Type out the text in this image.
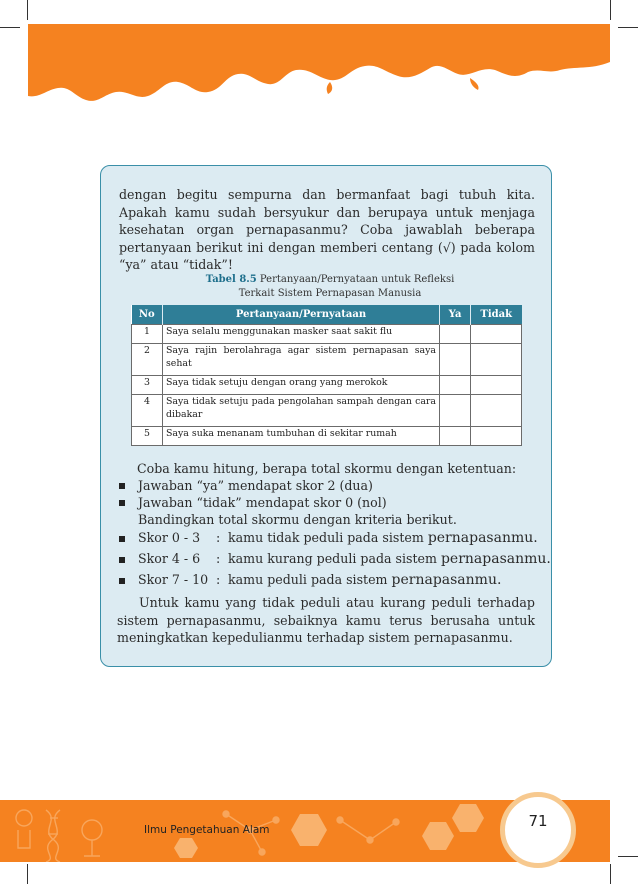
dengan begitu sempurna dan bermanfaat bagi tubuh kita. Apakah kamu sudah bersyukur dan berupaya untuk menjaga kesehatan organ pernapasanmu? Coba jawablah beberapa pertanyaan berikut ini dengan memberi centang (√) pada kolom “ya” atau “tidak”!
Tabel 8.5 Pertanyaan/Pernyataan untuk Refleksi
Terkait Sistem Pernapasan Manusia
No	Pertanyaan/Pernyataan	Ya	Tidak
1	Saya selalu menggunakan masker saat sakit flu		
2	Saya rajin berolahraga agar sistem pernapasan saya sehat		
3	Saya tidak setuju dengan orang yang merokok		
4	Saya tidak setuju pada pengolahan sampah dengan cara dibakar		
5	Saya suka menanam tumbuhan di sekitar rumah		
Coba kamu hitung, berapa total skormu dengan ketentuan:
Jawaban “ya” mendapat skor 2 (dua)
Jawaban “tidak” mendapat skor 0 (nol)
Bandingkan total skormu dengan kriteria berikut.
Skor 0 - 3 : kamu tidak peduli pada sistem pernapasanmu.
Skor 4 - 6 : kamu kurang peduli pada sistem pernapasanmu.
Skor 7 - 10 : kamu peduli pada sistem pernapasanmu.
Untuk kamu yang tidak peduli atau kurang peduli terhadap sistem pernapasanmu, sebaiknya kamu terus berusaha untuk meningkatkan kepedulianmu terhadap sistem pernapasanmu.
Ilmu Pengetahuan Alam	71
